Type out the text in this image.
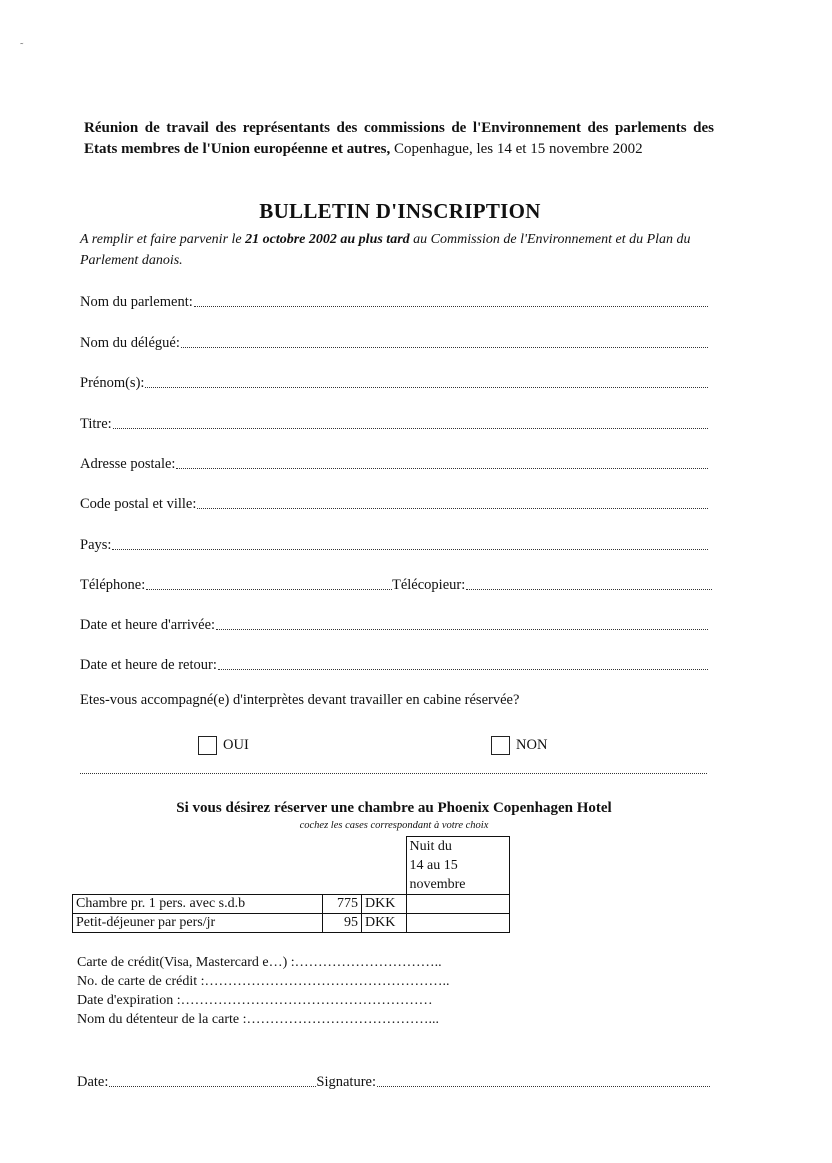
˜
Réunion de travail des représentants des commissions de l'Environnement des parlements des Etats membres de l'Union européenne et autres, Copenhague, les 14 et 15 novembre 2002
BULLETIN D'INSCRIPTION
A remplir et faire parvenir le 21 octobre 2002 au plus tard au Commission de l'Environnement et du Plan du Parlement danois.
Nom du parlement:
Nom du délégué:
Prénom(s):
Titre:
Adresse postale:
Code postal et ville:
Pays:
Téléphone:	Télécopieur:
Date et heure d'arrivée:
Date et heure de retour:
Etes-vous accompagné(e) d'interprètes devant travailler en cabine réservée?
OUI	NON
Si vous désirez réserver une chambre au Phoenix Copenhagen Hotel
cochez les cases correspondant à votre choix

			Nuit du
14 au 15
novembre

Chambre pr. 1 pers. avec s.d.b	775	DKK	
Petit-déjeuner par pers/jr	95	DKK	
Carte de crédit(Visa, Mastercard e…) :…………………………..
No. de carte de crédit :……………………………………………..
Date d'expiration :………………………………………………
Nom du détenteur de la carte :…………………………………...
Date:	Signature:
